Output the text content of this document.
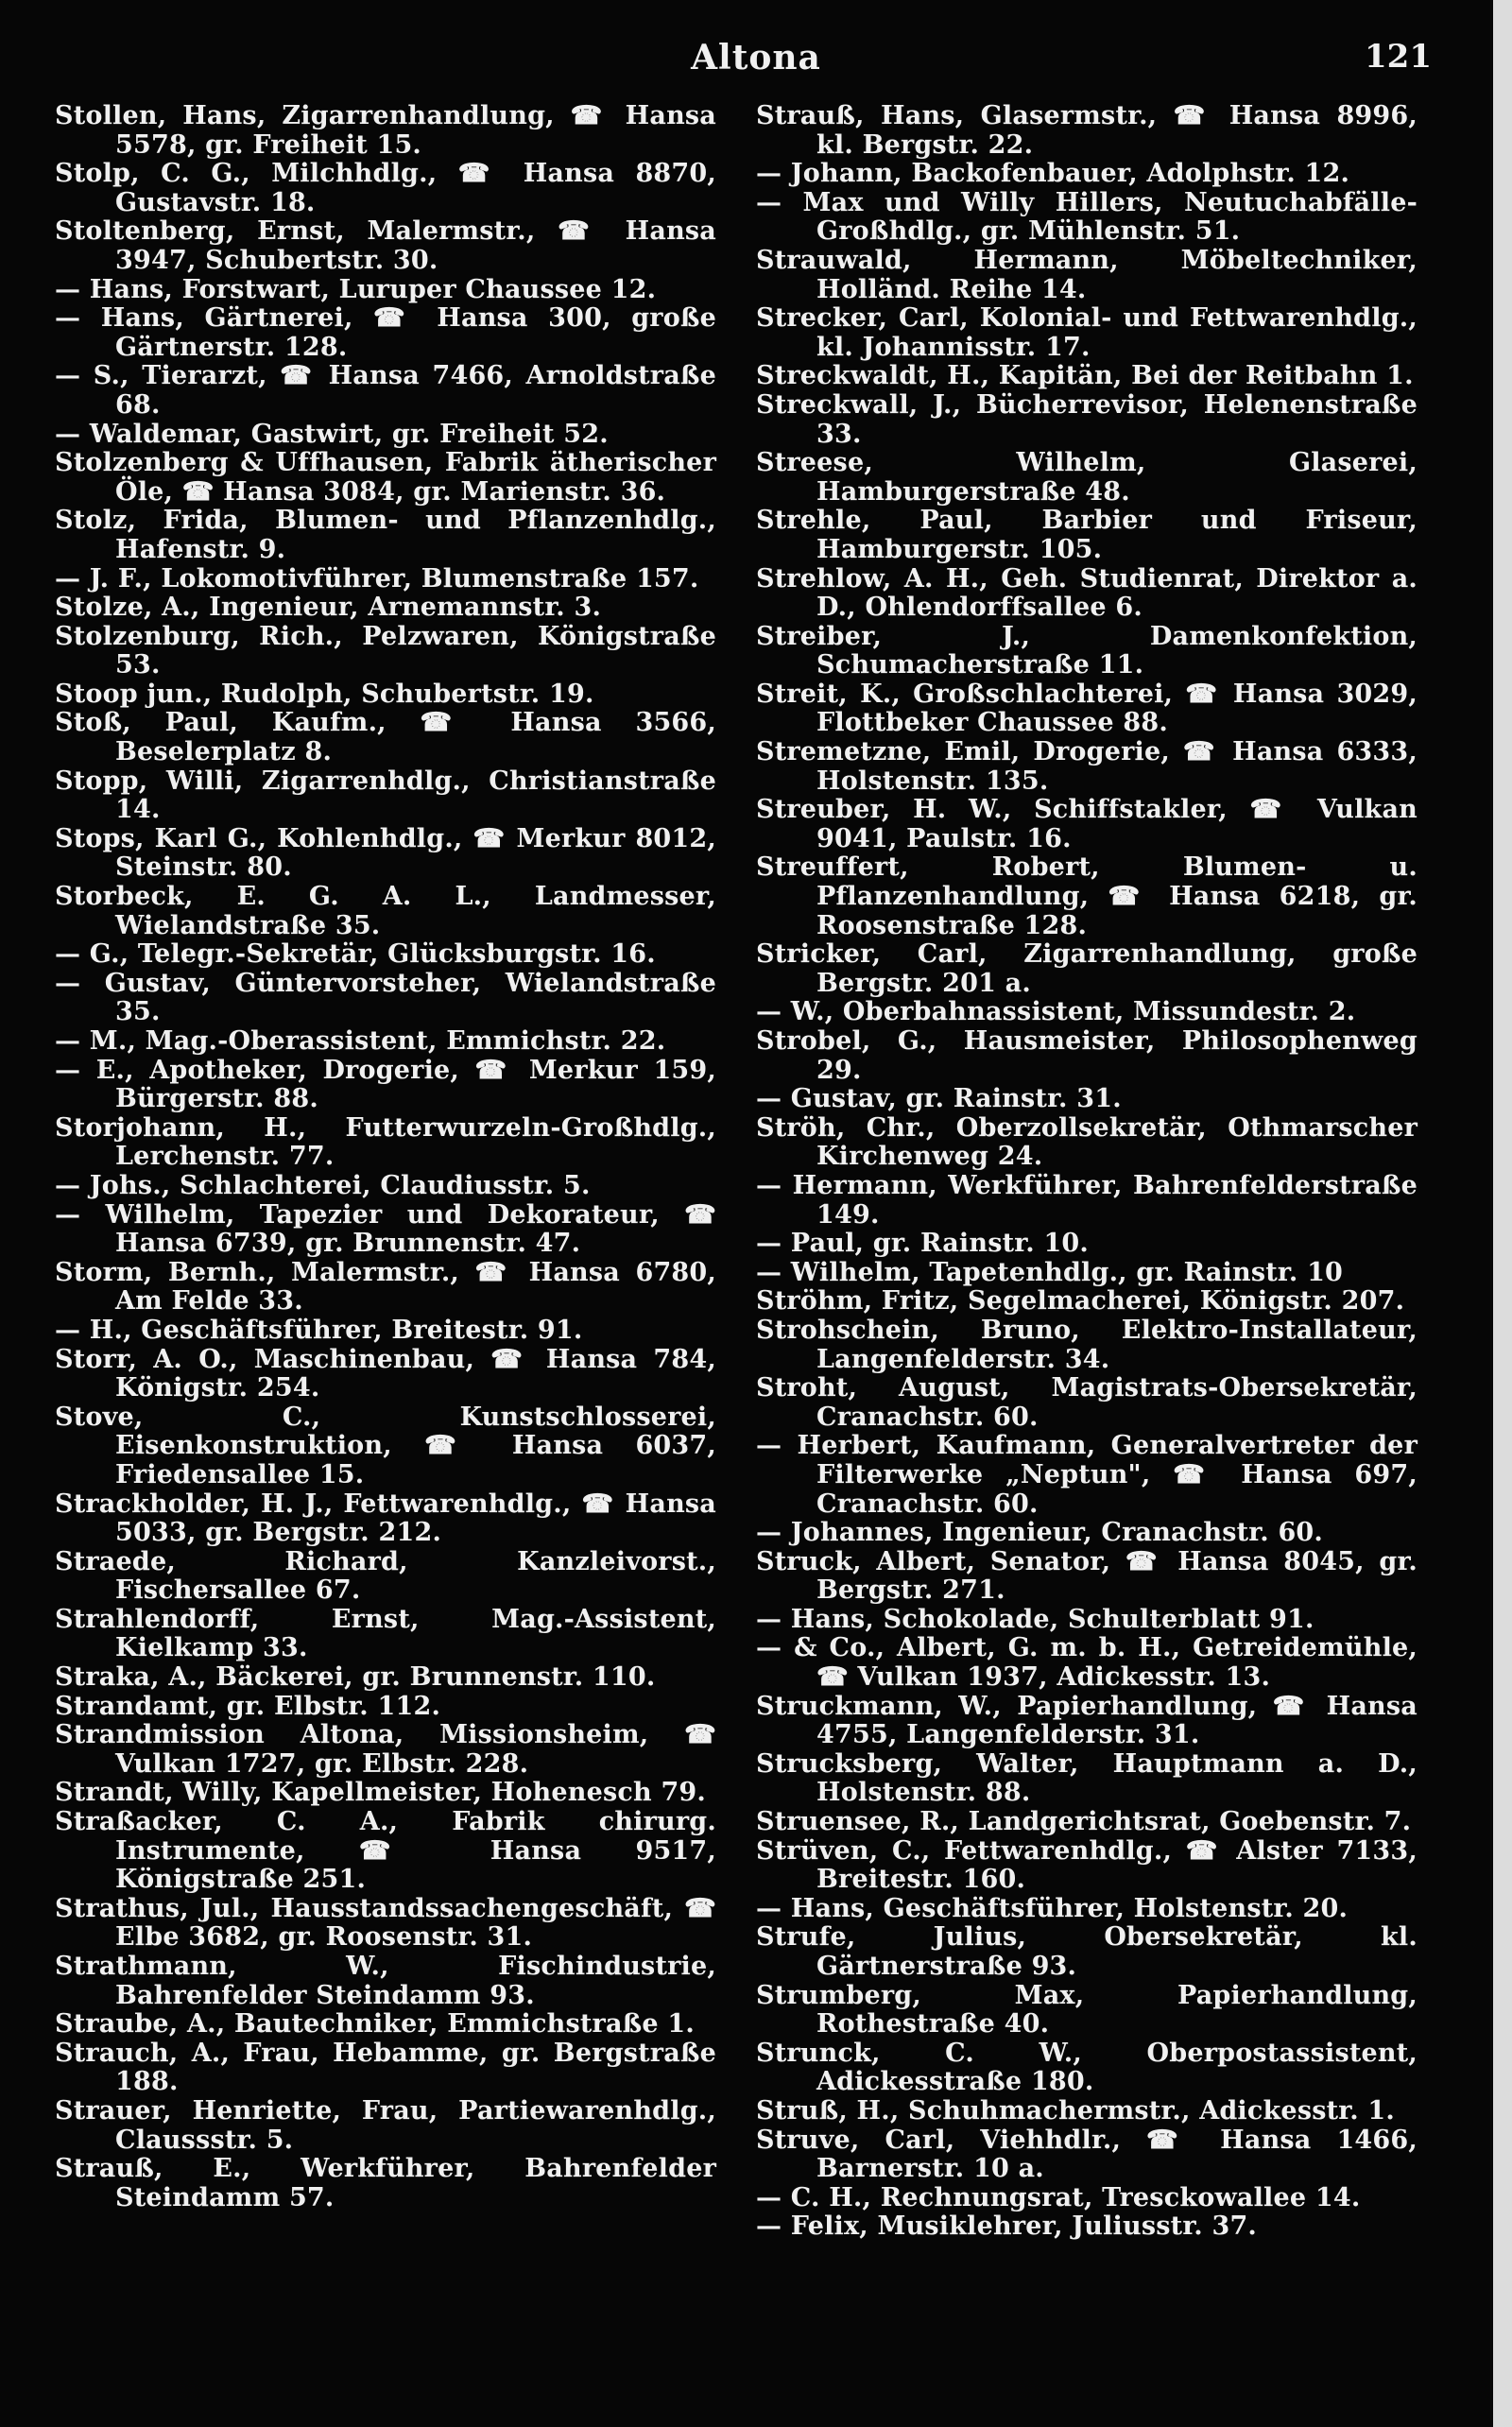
Altona	121
Stollen, Hans, Zigarrenhandlung, ☎ Hansa 5578, gr. Freiheit 15.
Stolp, C. G., Milchhdlg., ☎ Hansa 8870, Gustavstr. 18.
Stoltenberg, Ernst, Malermstr., ☎ Hansa 3947, Schubertstr. 30.
— Hans, Forstwart, Luruper Chaussee 12.
— Hans, Gärtnerei, ☎ Hansa 300, große Gärtnerstr. 128.
— S., Tierarzt, ☎ Hansa 7466, Arnoldstraße 68.
— Waldemar, Gastwirt, gr. Freiheit 52.
Stolzenberg & Uffhausen, Fabrik ätherischer Öle, ☎ Hansa 3084, gr. Marienstr. 36.
Stolz, Frida, Blumen- und Pflanzenhdlg., Hafenstr. 9.
— J. F., Lokomotivführer, Blumenstraße 157.
Stolze, A., Ingenieur, Arnemannstr. 3.
Stolzenburg, Rich., Pelzwaren, Königstraße 53.
Stoop jun., Rudolph, Schubertstr. 19.
Stoß, Paul, Kaufm., ☎ Hansa 3566, Beselerplatz 8.
Stopp, Willi, Zigarrenhdlg., Christianstraße 14.
Stops, Karl G., Kohlenhdlg., ☎ Merkur 8012, Steinstr. 80.
Storbeck, E. G. A. L., Landmesser, Wielandstraße 35.
— G., Telegr.-Sekretär, Glücksburgstr. 16.
— Gustav, Güntervorsteher, Wielandstraße 35.
— M., Mag.-Oberassistent, Emmichstr. 22.
— E., Apotheker, Drogerie, ☎ Merkur 159, Bürgerstr. 88.
Storjohann, H., Futterwurzeln-Großhdlg., Lerchenstr. 77.
— Johs., Schlachterei, Claudiusstr. 5.
— Wilhelm, Tapezier und Dekorateur, ☎ Hansa 6739, gr. Brunnenstr. 47.
Storm, Bernh., Malermstr., ☎ Hansa 6780, Am Felde 33.
— H., Geschäftsführer, Breitestr. 91.
Storr, A. O., Maschinenbau, ☎ Hansa 784, Königstr. 254.
Stove, C., Kunstschlosserei, Eisenkonstruktion, ☎ Hansa 6037, Friedensallee 15.
Strackholder, H. J., Fettwarenhdlg., ☎ Hansa 5033, gr. Bergstr. 212.
Straede, Richard, Kanzleivorst., Fischersallee 67.
Strahlendorff, Ernst, Mag.-Assistent, Kielkamp 33.
Straka, A., Bäckerei, gr. Brunnenstr. 110.
Strandamt, gr. Elbstr. 112.
Strandmission Altona, Missionsheim, ☎ Vulkan 1727, gr. Elbstr. 228.
Strandt, Willy, Kapellmeister, Hohenesch 79.
Straßacker, C. A., Fabrik chirurg. Instrumente, ☎ Hansa 9517, Königstraße 251.
Strathus, Jul., Hausstandssachengeschäft, ☎ Elbe 3682, gr. Roosenstr. 31.
Strathmann, W., Fischindustrie, Bahrenfelder Steindamm 93.
Straube, A., Bautechniker, Emmichstraße 1.
Strauch, A., Frau, Hebamme, gr. Bergstraße 188.
Strauer, Henriette, Frau, Partiewarenhdlg., Claussstr. 5.
Strauß, E., Werkführer, Bahrenfelder Steindamm 57.
Strauß, Hans, Glasermstr., ☎ Hansa 8996, kl. Bergstr. 22.
— Johann, Backofenbauer, Adolphstr. 12.
— Max und Willy Hillers, Neutuchabfälle-Großhdlg., gr. Mühlenstr. 51.
Strauwald, Hermann, Möbeltechniker, Holländ. Reihe 14.
Strecker, Carl, Kolonial- und Fettwarenhdlg., kl. Johannisstr. 17.
Streckwaldt, H., Kapitän, Bei der Reitbahn 1.
Streckwall, J., Bücherrevisor, Helenenstraße 33.
Streese, Wilhelm, Glaserei, Hamburgerstraße 48.
Strehle, Paul, Barbier und Friseur, Hamburgerstr. 105.
Strehlow, A. H., Geh. Studienrat, Direktor a. D., Ohlendorffsallee 6.
Streiber, J., Damenkonfektion, Schumacherstraße 11.
Streit, K., Großschlachterei, ☎ Hansa 3029, Flottbeker Chaussee 88.
Stremetzne, Emil, Drogerie, ☎ Hansa 6333, Holstenstr. 135.
Streuber, H. W., Schiffstakler, ☎ Vulkan 9041, Paulstr. 16.
Streuffert, Robert, Blumen- u. Pflanzenhandlung, ☎ Hansa 6218, gr. Roosenstraße 128.
Stricker, Carl, Zigarrenhandlung, große Bergstr. 201 a.
— W., Oberbahnassistent, Missundestr. 2.
Strobel, G., Hausmeister, Philosophenweg 29.
— Gustav, gr. Rainstr. 31.
Ströh, Chr., Oberzollsekretär, Othmarscher Kirchenweg 24.
— Hermann, Werkführer, Bahrenfelderstraße 149.
— Paul, gr. Rainstr. 10.
— Wilhelm, Tapetenhdlg., gr. Rainstr. 10
Ströhm, Fritz, Segelmacherei, Königstr. 207.
Strohschein, Bruno, Elektro-Installateur, Langenfelderstr. 34.
Stroht, August, Magistrats-Obersekretär, Cranachstr. 60.
— Herbert, Kaufmann, Generalvertreter der Filterwerke „Neptun", ☎ Hansa 697, Cranachstr. 60.
— Johannes, Ingenieur, Cranachstr. 60.
Struck, Albert, Senator, ☎ Hansa 8045, gr. Bergstr. 271.
— Hans, Schokolade, Schulterblatt 91.
— & Co., Albert, G. m. b. H., Getreidemühle, ☎ Vulkan 1937, Adickesstr. 13.
Struckmann, W., Papierhandlung, ☎ Hansa 4755, Langenfelderstr. 31.
Strucksberg, Walter, Hauptmann a. D., Holstenstr. 88.
Struensee, R., Landgerichtsrat, Goebenstr. 7.
Strüven, C., Fettwarenhdlg., ☎ Alster 7133, Breitestr. 160.
— Hans, Geschäftsführer, Holstenstr. 20.
Strufe, Julius, Obersekretär, kl. Gärtnerstraße 93.
Strumberg, Max, Papierhandlung, Rothestraße 40.
Strunck, C. W., Oberpostassistent, Adickesstraße 180.
Struß, H., Schuhmachermstr., Adickesstr. 1.
Struve, Carl, Viehhdlr., ☎ Hansa 1466, Barnerstr. 10 a.
— C. H., Rechnungsrat, Tresckowallee 14.
— Felix, Musiklehrer, Juliusstr. 37.
